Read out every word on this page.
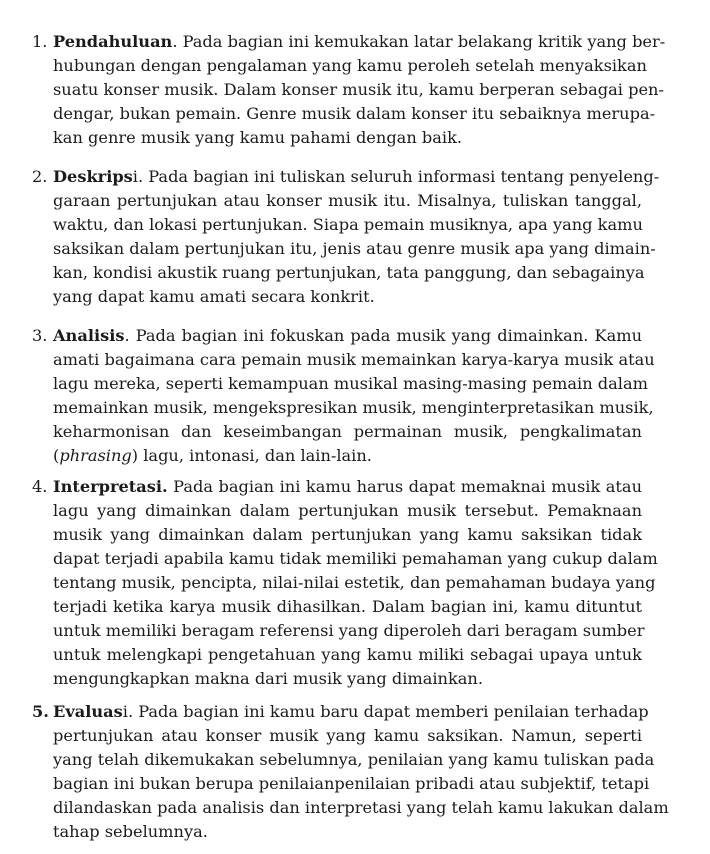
1. Pendahuluan. Pada bagian ini kemukakan latar belakang kritik yang ber-
hubungan dengan pengalaman yang kamu peroleh setelah menyaksikan
suatu konser musik. Dalam konser musik itu, kamu berperan sebagai pen-
dengar, bukan pemain. Genre musik dalam konser itu sebaiknya merupa-
kan genre musik yang kamu pahami dengan baik.
2. Deskripsi. Pada bagian ini tuliskan seluruh informasi tentang penyeleng-
garaan pertunjukan atau konser musik itu. Misalnya, tuliskan tanggal,
waktu, dan lokasi pertunjukan. Siapa pemain musiknya, apa yang kamu
saksikan dalam pertunjukan itu, jenis atau genre musik apa yang dimain-
kan, kondisi akustik ruang pertunjukan, tata panggung, dan sebagainya
yang dapat kamu amati secara konkrit.
3. Analisis. Pada bagian ini fokuskan pada musik yang dimainkan. Kamu
amati bagaimana cara pemain musik memainkan karya-karya musik atau
lagu mereka, seperti kemampuan musikal masing-masing pemain dalam
memainkan musik, mengekspresikan musik, menginterpretasikan musik,
keharmonisan dan keseimbangan permainan musik, pengkalimatan
(phrasing) lagu, intonasi, dan lain-lain.
4. Interpretasi. Pada bagian ini kamu harus dapat memaknai musik atau
lagu yang dimainkan dalam pertunjukan musik tersebut. Pemaknaan
musik yang dimainkan dalam pertunjukan yang kamu saksikan tidak
dapat terjadi apabila kamu tidak memiliki pemahaman yang cukup dalam
tentang musik, pencipta, nilai-nilai estetik, dan pemahaman budaya yang
terjadi ketika karya musik dihasilkan. Dalam bagian ini, kamu dituntut
untuk memiliki beragam referensi yang diperoleh dari beragam sumber
untuk melengkapi pengetahuan yang kamu miliki sebagai upaya untuk
mengungkapkan makna dari musik yang dimainkan.
5. Evaluasi. Pada bagian ini kamu baru dapat memberi penilaian terhadap
pertunjukan atau konser musik yang kamu saksikan. Namun, seperti
yang telah dikemukakan sebelumnya, penilaian yang kamu tuliskan pada
bagian ini bukan berupa penilaianpenilaian pribadi atau subjektif, tetapi
dilandaskan pada analisis dan interpretasi yang telah kamu lakukan dalam
tahap sebelumnya.
